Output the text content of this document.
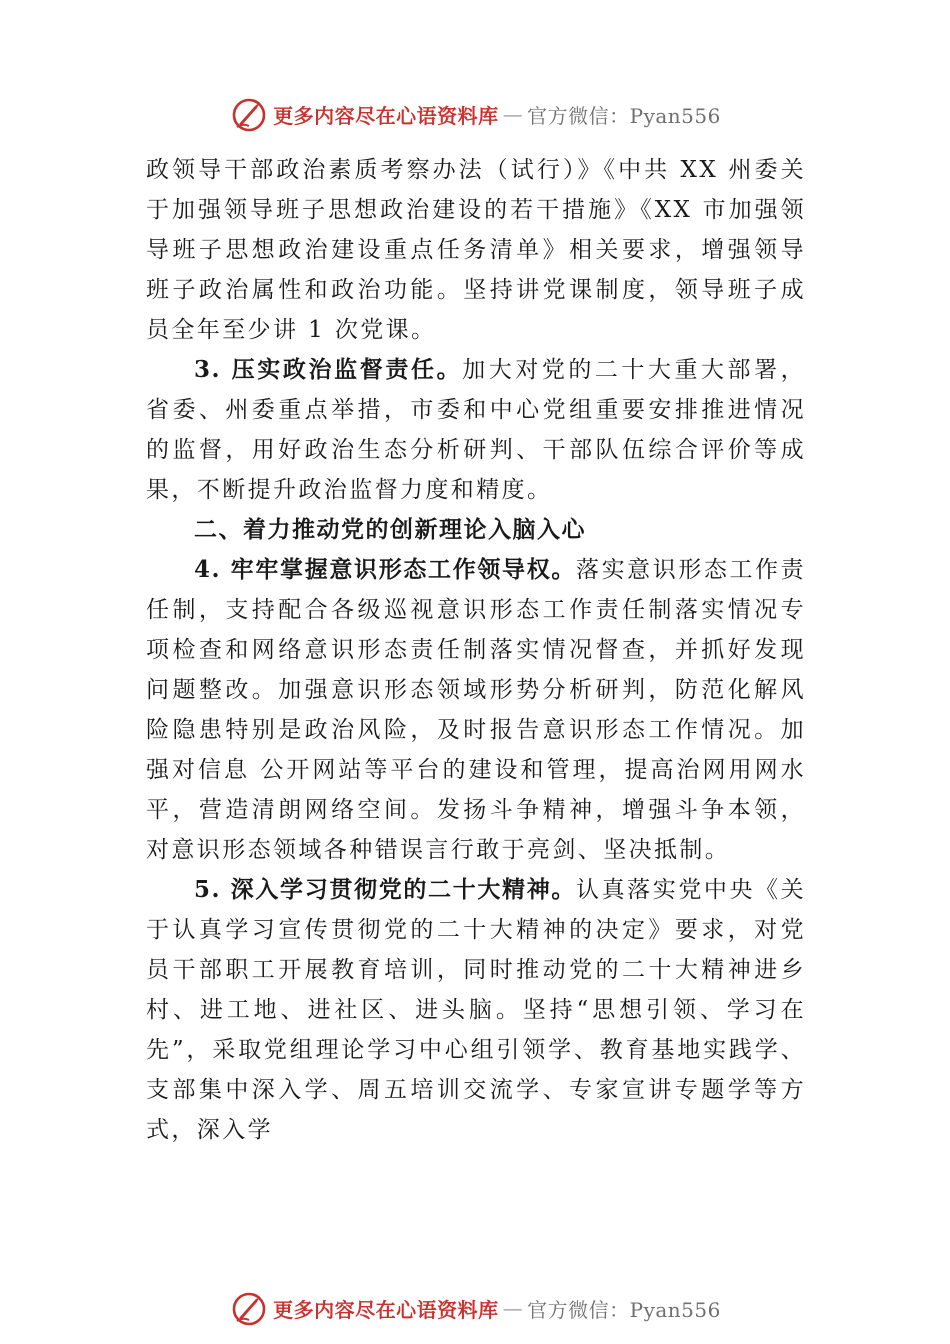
更多内容尽在心语资料库 — 官方微信：Pyan556

政领导干部政治素质考察办法（试行）》《中共 XX 州委关于加强领导班子思想政治建设的若干措施》《XX 市加强领导班子思想政治建设重点任务清单》相关要求，增强领导班子政治属性和政治功能。坚持讲党课制度，领导班子成员全年至少讲 1 次党课。

3. 压实政治监督责任。加大对党的二十大重大部署，省委、州委重点举措，市委和中心党组重要安排推进情况的监督，用好政治生态分析研判、干部队伍综合评价等成果，不断提升政治监督力度和精度。

二、着力推动党的创新理论入脑入心

4. 牢牢掌握意识形态工作领导权。落实意识形态工作责任制，支持配合各级巡视意识形态工作责任制落实情况专项检查和网络意识形态责任制落实情况督查，并抓好发现问题整改。加强意识形态领域形势分析研判，防范化解风险隐患特别是政治风险，及时报告意识形态工作情况。加强对信息 公开网站等平台的建设和管理，提高治网用网水平，营造清朗网络空间。发扬斗争精神，增强斗争本领，对意识形态领域各种错误言行敢于亮剑、坚决抵制。

5. 深入学习贯彻党的二十大精神。认真落实党中央《关于认真学习宣传贯彻党的二十大精神的决定》要求，对党员干部职工开展教育培训，同时推动党的二十大精神进乡村、进工地、进社区、进头脑。坚持“思想引领、学习在先”，采取党组理论学习中心组引领学、教育基地实践学、支部集中深入学、周五培训交流学、专家宣讲专题学等方式，深入学

更多内容尽在心语资料库 — 官方微信：Pyan556
